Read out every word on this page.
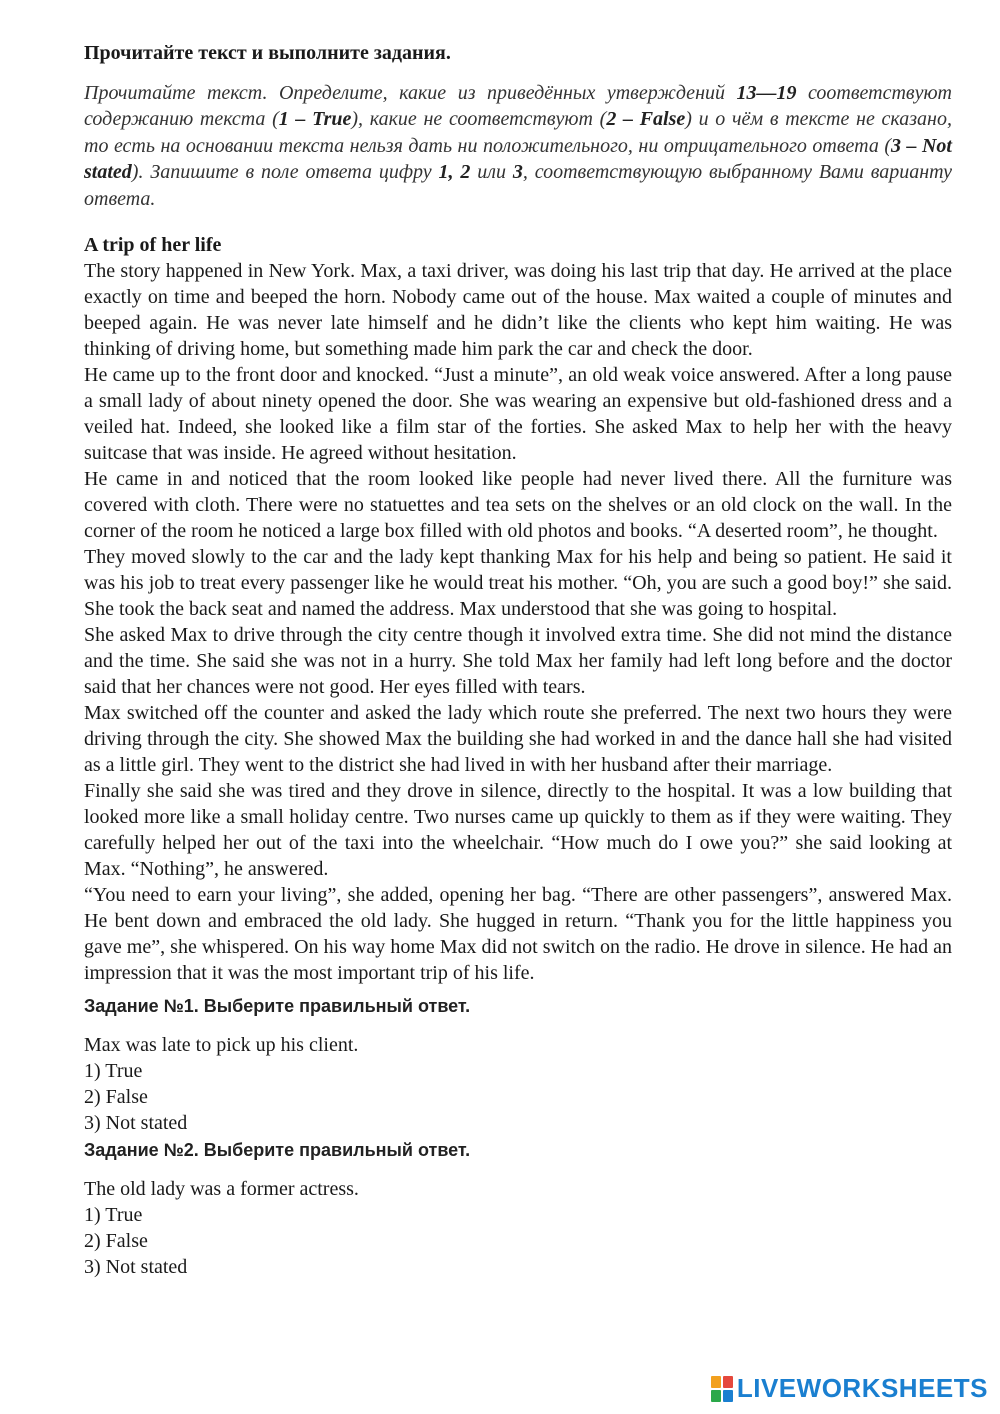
Прочитайте текст и выполните задания.

Прочитайте текст. Определите, какие из приведённых утверждений 13––19 соответствуют содержанию текста (1 – True), какие не соответствуют (2 – False) и о чём в тексте не сказано, то есть на основании текста нельзя дать ни положительного, ни отрицательного ответа (3 – Not stated). Запишите в поле ответа цифру 1, 2 или 3, соответствующую выбранному Вами варианту ответа.

A trip of her life

The story happened in New York. Max, a taxi driver, was doing his last trip that day. He arrived at the place exactly on time and beeped the horn. Nobody came out of the house. Max waited a couple of minutes and beeped again. He was never late himself and he didn’t like the clients who kept him waiting. He was thinking of driving home, but something made him park the car and check the door.

He came up to the front door and knocked. “Just a minute”, an old weak voice answered. After a long pause a small lady of about ninety opened the door. She was wearing an expensive but old-fashioned dress and a veiled hat. Indeed, she looked like a film star of the forties. She asked Max to help her with the heavy suitcase that was inside. He agreed without hesitation.

He came in and noticed that the room looked like people had never lived there. All the furniture was covered with cloth. There were no statuettes and tea sets on the shelves or an old clock on the wall. In the corner of the room he noticed a large box filled with old photos and books. “A deserted room”, he thought.

They moved slowly to the car and the lady kept thanking Max for his help and being so patient. He said it was his job to treat every passenger like he would treat his mother. “Oh, you are such a good boy!” she said. She took the back seat and named the address. Max understood that she was going to hospital.

She asked Max to drive through the city centre though it involved extra time. She did not mind the distance and the time. She said she was not in a hurry. She told Max her family had left long before and the doctor said that her chances were not good. Her eyes filled with tears.

Max switched off the counter and asked the lady which route she preferred. The next two hours they were driving through the city. She showed Max the building she had worked in and the dance hall she had visited as a little girl. They went to the district she had lived in with her husband after their marriage.

Finally she said she was tired and they drove in silence, directly to the hospital. It was a low building that looked more like a small holiday centre. Two nurses came up quickly to them as if they were waiting. They carefully helped her out of the taxi into the wheelchair. “How much do I owe you?” she said looking at Max. “Nothing”, he answered.

“You need to earn your living”, she added, opening her bag. “There are other passengers”, answered Max. He bent down and embraced the old lady. She hugged in return. “Thank you for the little happiness you gave me”, she whispered. On his way home Max did not switch on the radio. He drove in silence. He had an impression that it was the most important trip of his life.

Задание №1. Выберите правильный ответ.

Max was late to pick up his client.

1) True

2) False

3) Not stated

Задание №2. Выберите правильный ответ.

The old lady was a former actress.

1) True

2) False

3) Not stated

LIVEWORKSHEETS
